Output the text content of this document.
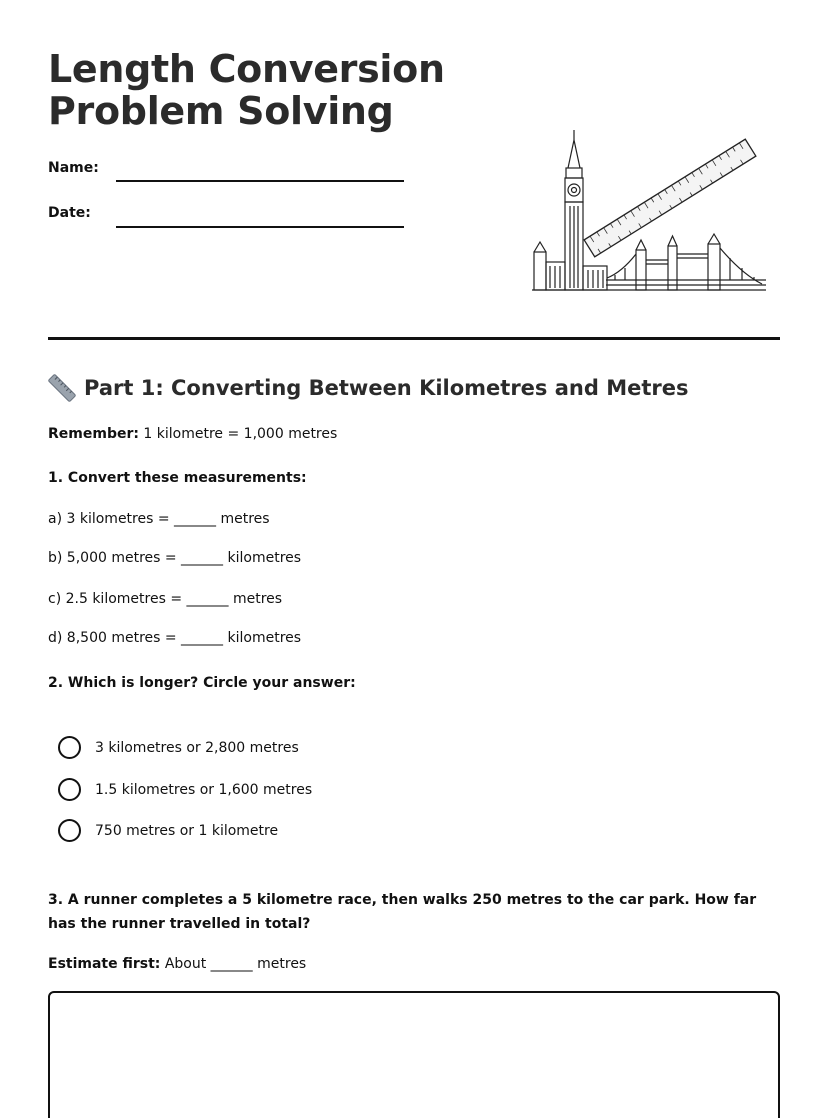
Length Conversion
Problem Solving
Name:
Date:
Part 1: Converting Between Kilometres and Metres
Remember: 1 kilometre = 1,000 metres
1. Convert these measurements:
a) 3 kilometres = ______ metres
b) 5,000 metres = ______ kilometres
c) 2.5 kilometres = ______ metres
d) 8,500 metres = ______ kilometres
2. Which is longer? Circle your answer:
3 kilometres or 2,800 metres
1.5 kilometres or 1,600 metres
750 metres or 1 kilometre
3. A runner completes a 5 kilometre race, then walks 250 metres to the car park. How far has the runner travelled in total?
Estimate first: About ______ metres
